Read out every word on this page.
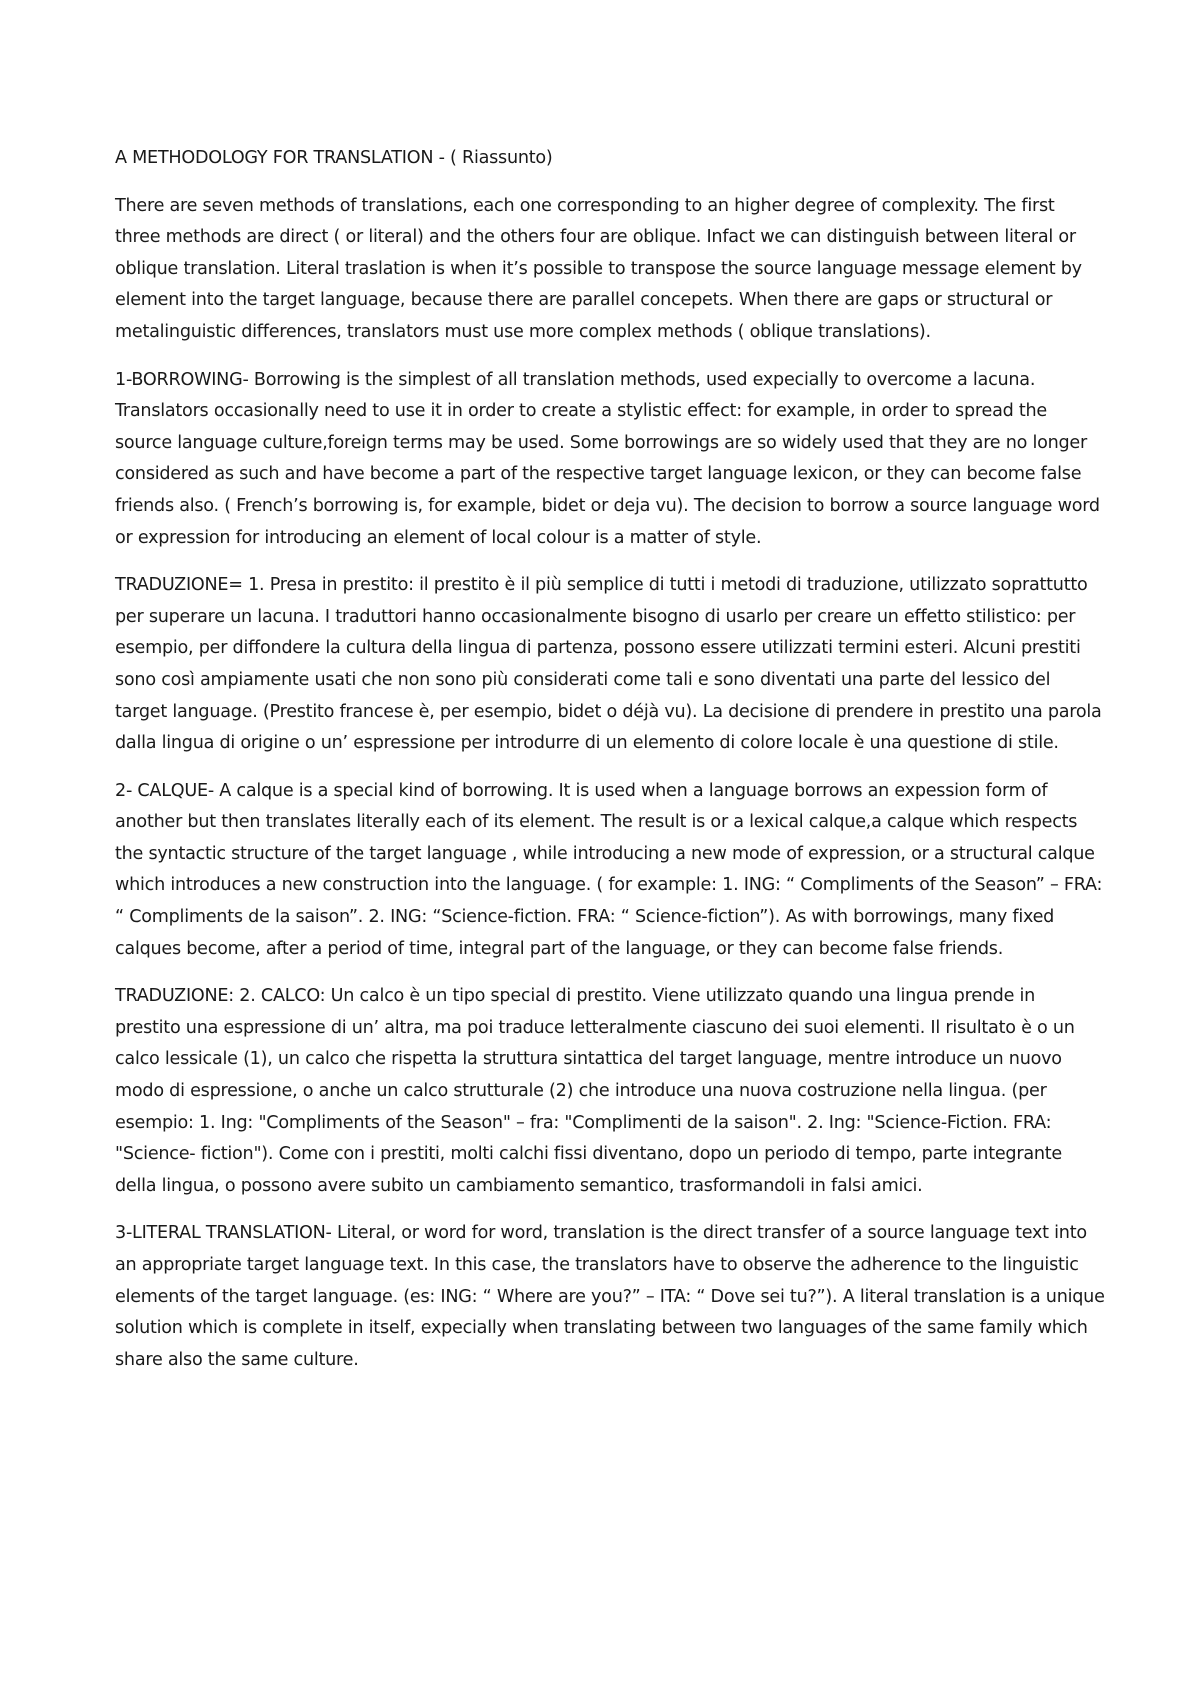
A METHODOLOGY FOR TRANSLATION - ( Riassunto)

There are seven methods of translations, each one corresponding to an higher degree of complexity. The first three methods are direct ( or literal) and the others four are oblique. Infact we can distinguish between literal or oblique translation. Literal traslation is when it’s possible to transpose the source language message element by element into the target language, because there are parallel concepets. When there are gaps or structural or metalinguistic differences, translators must use more complex methods ( oblique translations).

1-BORROWING- Borrowing is the simplest of all translation methods, used expecially to overcome a lacuna. Translators occasionally need to use it in order to create a stylistic effect: for example, in order to spread the source language culture,foreign terms may be used. Some borrowings are so widely used that they are no longer considered as such and have become a part of the respective target language lexicon, or they can become false friends also. ( French’s borrowing is, for example, bidet or deja vu). The decision to borrow a source language word or expression for introducing an element of local colour is a matter of style.

TRADUZIONE= 1. Presa in prestito: il prestito è il più semplice di tutti i metodi di traduzione, utilizzato soprattutto per superare un lacuna. I traduttori hanno occasionalmente bisogno di usarlo per creare un effetto stilistico: per esempio, per diffondere la cultura della lingua di partenza, possono essere utilizzati termini esteri. Alcuni prestiti sono così ampiamente usati che non sono più considerati come tali e sono diventati una parte del lessico del target language. (Prestito francese è, per esempio, bidet o déjà vu). La decisione di prendere in prestito una parola dalla lingua di origine o un’ espressione per introdurre di un elemento di colore locale è una questione di stile.

2- CALQUE- A calque is a special kind of borrowing. It is used when a language borrows an expession form of another but then translates literally each of its element. The result is or a lexical calque,a calque which respects the syntactic structure of the target language , while introducing a new mode of expression, or a structural calque which introduces a new construction into the language. ( for example: 1. ING: “ Compliments of the Season” – FRA: “ Compliments de la saison”. 2. ING: “Science-fiction. FRA: “ Science-fiction”). As with borrowings, many fixed calques become, after a period of time, integral part of the language, or they can become false friends.

TRADUZIONE: 2. CALCO: Un calco è un tipo special di prestito. Viene utilizzato quando una lingua prende in prestito una espressione di un’ altra, ma poi traduce letteralmente ciascuno dei suoi elementi. Il risultato è o un calco lessicale (1), un calco che rispetta la struttura sintattica del target language, mentre introduce un nuovo modo di espressione, o anche un calco strutturale (2) che introduce una nuova costruzione nella lingua. (per esempio: 1. Ing: "Compliments of the Season" – fra: "Complimenti de la saison". 2. Ing: "Science-Fiction. FRA: "Science- fiction"). Come con i prestiti, molti calchi fissi diventano, dopo un periodo di tempo, parte integrante della lingua, o possono avere subito un cambiamento semantico, trasformandoli in falsi amici.

3-LITERAL TRANSLATION- Literal, or word for word, translation is the direct transfer of a source language text into an appropriate target language text. In this case, the translators have to observe the adherence to the linguistic elements of the target language. (es: ING: “ Where are you?” – ITA: “ Dove sei tu?”). A literal translation is a unique solution which is complete in itself, expecially when translating between two languages of the same family which share also the same culture.
